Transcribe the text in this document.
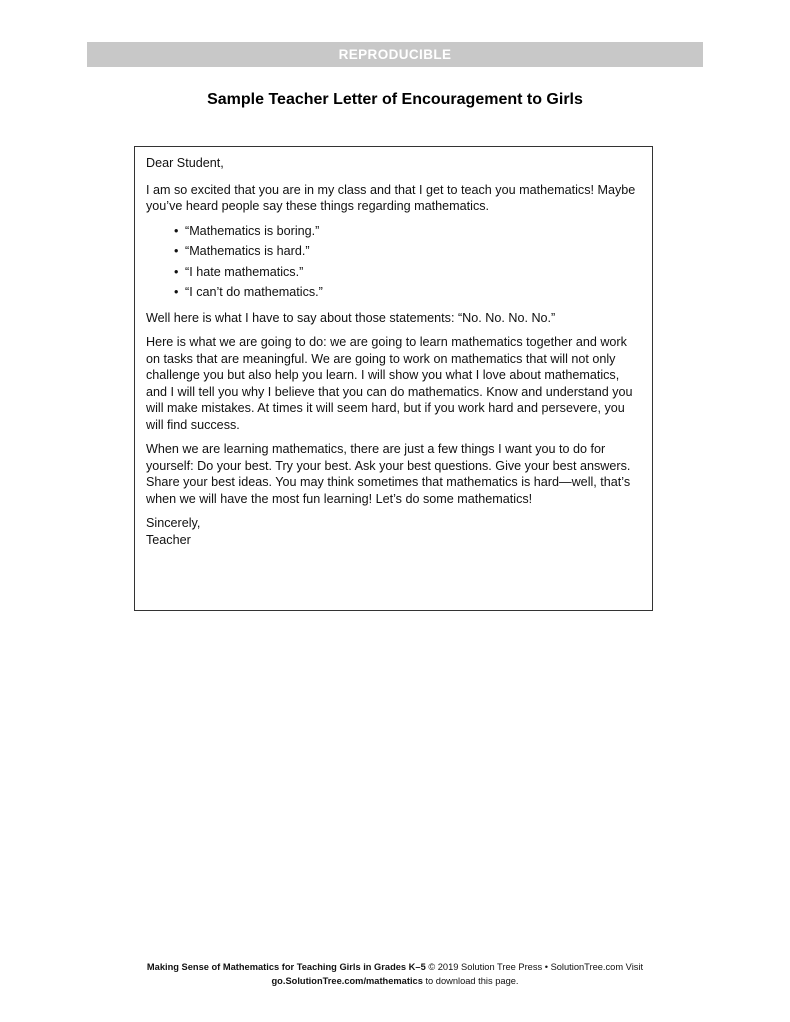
REPRODUCIBLE
Sample Teacher Letter of Encouragement to Girls

Dear Student,

I am so excited that you are in my class and that I get to teach you mathematics! Maybe you’ve heard people say these things regarding mathematics.

• “Mathematics is boring.”
• “Mathematics is hard.”
• “I hate mathematics.”
• “I can’t do mathematics.”

Well here is what I have to say about those statements: “No. No. No. No.”

Here is what we are going to do: we are going to learn mathematics together and work on tasks that are meaningful. We are going to work on mathematics that will not only challenge you but also help you learn. I will show you what I love about mathematics, and I will tell you why I believe that you can do mathematics. Know and understand you will make mistakes. At times it will seem hard, but if you work hard and persevere, you will find success.

When we are learning mathematics, there are just a few things I want you to do for yourself: Do your best. Try your best. Ask your best questions. Give your best answers. Share your best ideas. You may think sometimes that mathematics is hard—well, that’s when we will have the most fun learning! Let’s do some mathematics!

Sincerely,
Teacher

Making Sense of Mathematics for Teaching Girls in Grades K–5 © 2019 Solution Tree Press • SolutionTree.com Visit
go.SolutionTree.com/mathematics to download this page.
